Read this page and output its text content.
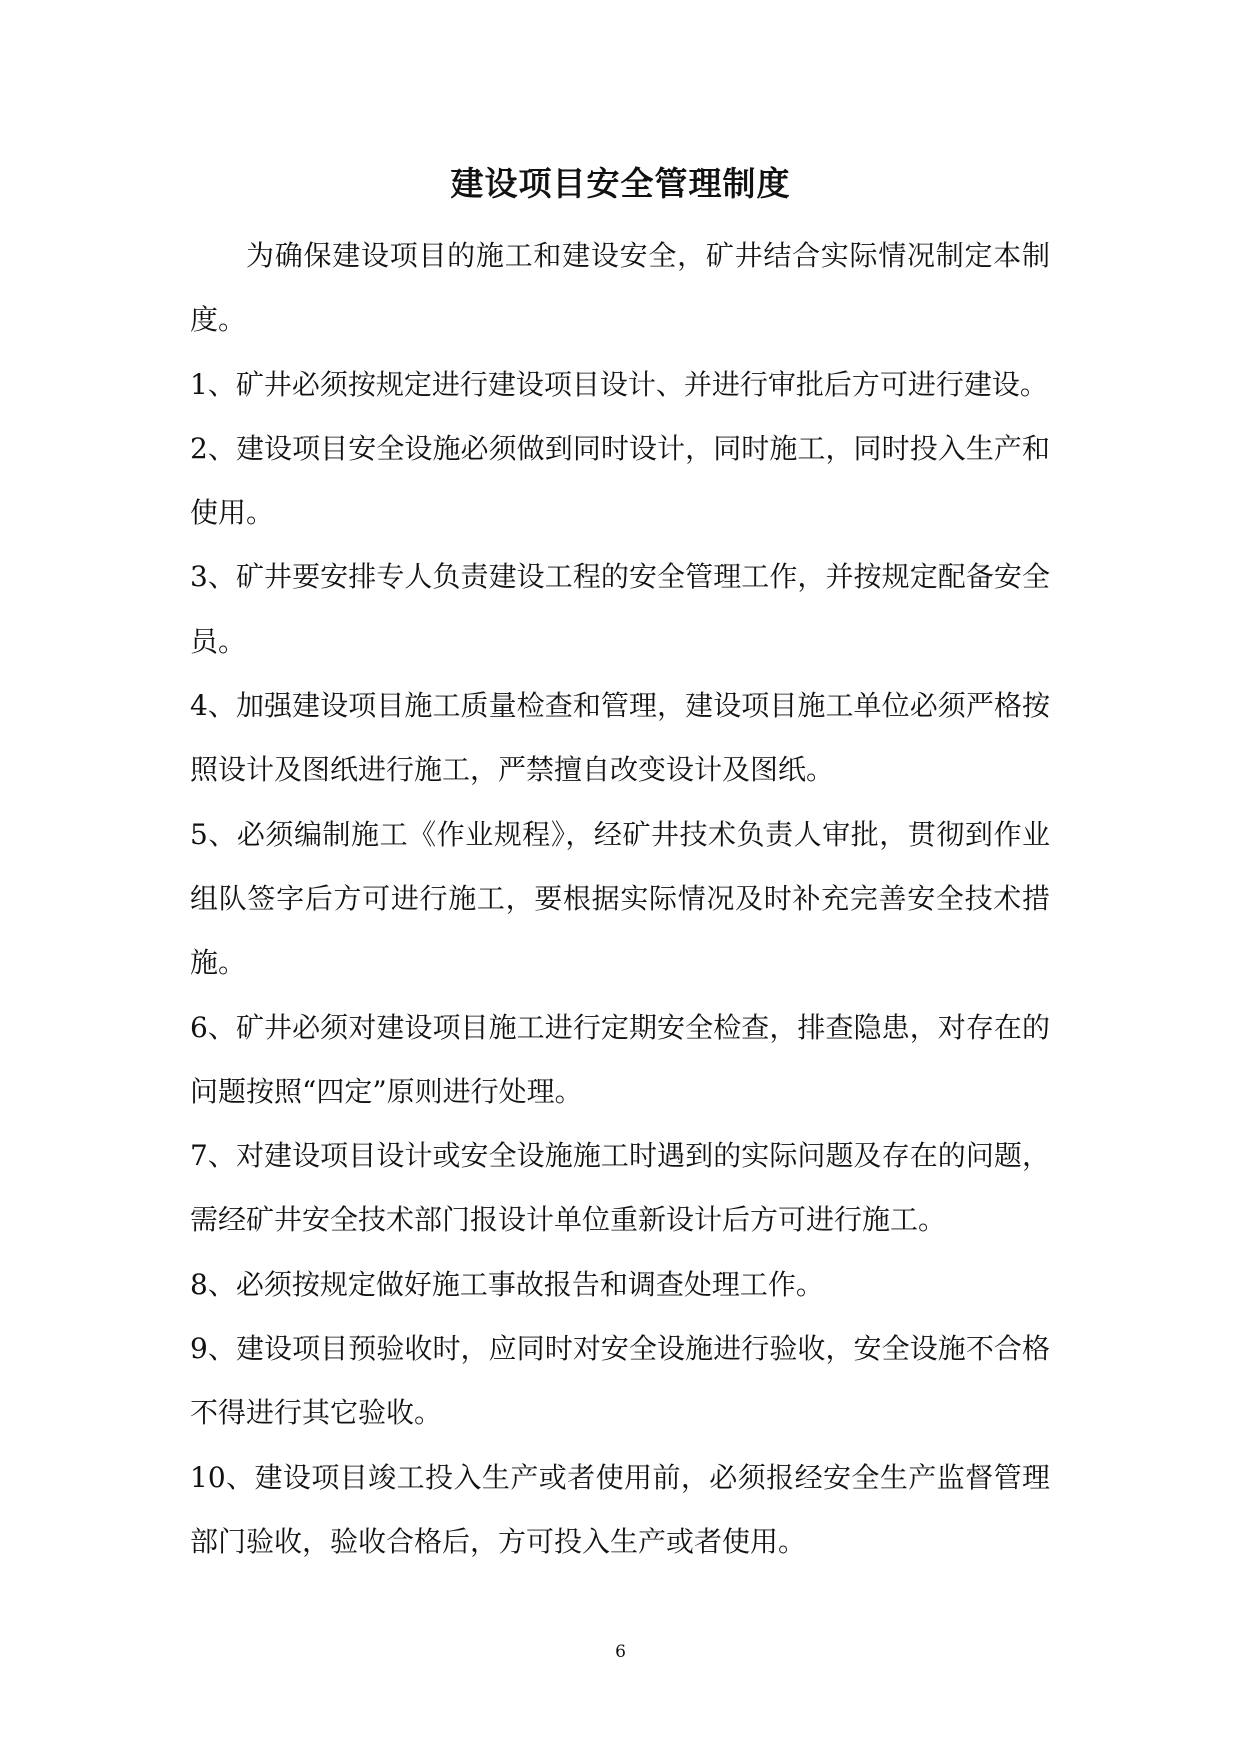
建设项目安全管理制度

为确保建设项目的施工和建设安全，矿井结合实际情况制定本制度。

1、矿井必须按规定进行建设项目设计、并进行审批后方可进行建设。

2、建设项目安全设施必须做到同时设计，同时施工，同时投入生产和使用。

3、矿井要安排专人负责建设工程的安全管理工作，并按规定配备安全员。

4、加强建设项目施工质量检查和管理，建设项目施工单位必须严格按照设计及图纸进行施工，严禁擅自改变设计及图纸。

5、必须编制施工《作业规程》，经矿井技术负责人审批，贯彻到作业组队签字后方可进行施工，要根据实际情况及时补充完善安全技术措施。

6、矿井必须对建设项目施工进行定期安全检查，排查隐患，对存在的问题按照“四定”原则进行处理。

7、对建设项目设计或安全设施施工时遇到的实际问题及存在的问题，需经矿井安全技术部门报设计单位重新设计后方可进行施工。

8、必须按规定做好施工事故报告和调查处理工作。

9、建设项目预验收时，应同时对安全设施进行验收，安全设施不合格不得进行其它验收。

10、建设项目竣工投入生产或者使用前，必须报经安全生产监督管理部门验收，验收合格后，方可投入生产或者使用。

6
